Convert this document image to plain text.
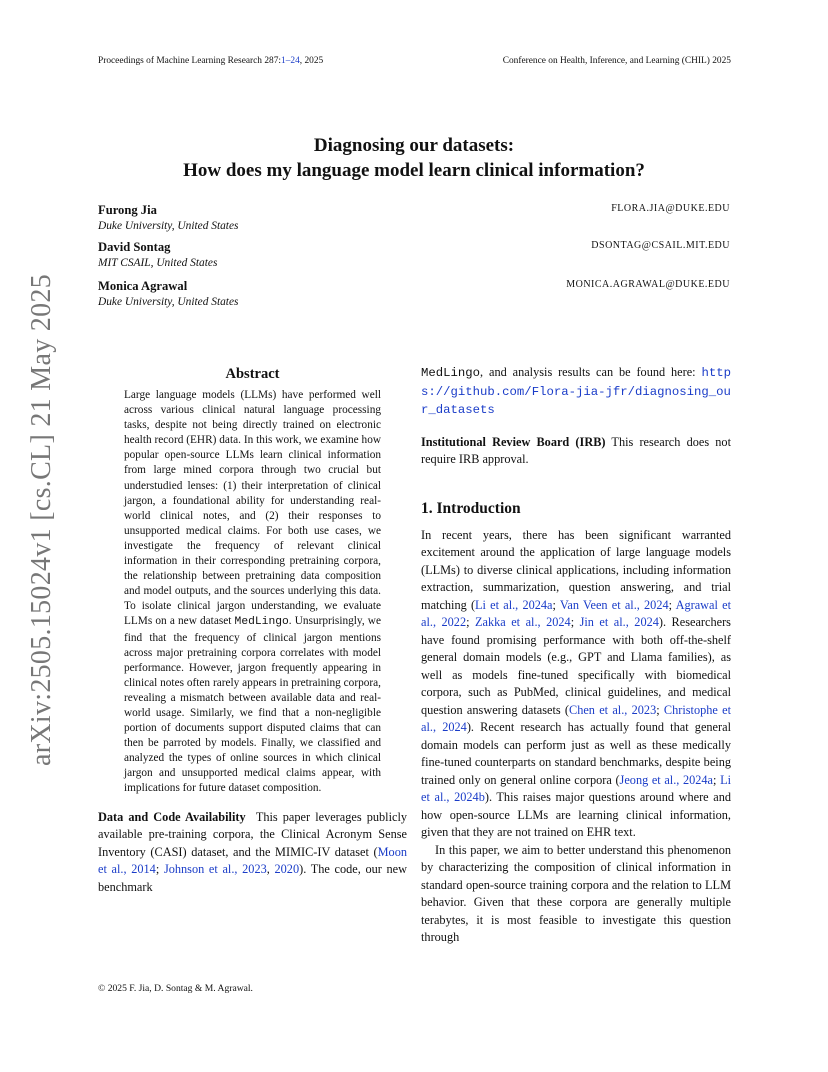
Proceedings of Machine Learning Research 287:1–24, 2025	Conference on Health, Inference, and Learning (CHIL) 2025
arXiv:2505.15024v1 [cs.CL] 21 May 2025
Diagnosing our datasets:
How does my language model learn clinical information?
Furong Jia
Duke University, United States
FLORA.JIA@DUKE.EDU
David Sontag
MIT CSAIL, United States
DSONTAG@CSAIL.MIT.EDU
Monica Agrawal
Duke University, United States
MONICA.AGRAWAL@DUKE.EDU
Abstract
Large language models (LLMs) have performed well across various clinical natural language processing tasks, despite not being directly trained on electronic health record (EHR) data. In this work, we examine how popular open-source LLMs learn clinical information from large mined corpora through two crucial but understudied lenses: (1) their interpretation of clinical jargon, a foundational ability for understanding real-world clinical notes, and (2) their responses to unsupported medical claims. For both use cases, we investigate the frequency of relevant clinical information in their corresponding pretraining corpora, the relationship between pretraining data composition and model outputs, and the sources underlying this data. To isolate clinical jargon understanding, we evaluate LLMs on a new dataset MedLingo. Unsurprisingly, we find that the frequency of clinical jargon mentions across major pretraining corpora correlates with model performance. However, jargon frequently appearing in clinical notes often rarely appears in pretraining corpora, revealing a mismatch between available data and real-world usage. Similarly, we find that a non-negligible portion of documents support disputed claims that can then be parroted by models. Finally, we classified and analyzed the types of online sources in which clinical jargon and unsupported medical claims appear, with implications for future dataset composition.
Data and Code Availability This paper leverages publicly available pre-training corpora, the Clinical Acronym Sense Inventory (CASI) dataset, and the MIMIC-IV dataset (Moon et al., 2014; Johnson et al., 2023, 2020). The code, our new benchmark
MedLingo, and analysis results can be found here: https://github.com/Flora-jia-jfr/diagnosing_our_datasets
Institutional Review Board (IRB) This research does not require IRB approval.
1. Introduction
In recent years, there has been significant warranted excitement around the application of large language models (LLMs) to diverse clinical applications, including information extraction, summarization, question answering, and trial matching (Li et al., 2024a; Van Veen et al., 2024; Agrawal et al., 2022; Zakka et al., 2024; Jin et al., 2024). Researchers have found promising performance with both off-the-shelf general domain models (e.g., GPT and Llama families), as well as models fine-tuned specifically with biomedical corpora, such as PubMed, clinical guidelines, and medical question answering datasets (Chen et al., 2023; Christophe et al., 2024). Recent research has actually found that general domain models can perform just as well as these medically fine-tuned counterparts on standard benchmarks, despite being trained only on general online corpora (Jeong et al., 2024a; Li et al., 2024b). This raises major questions around where and how open-source LLMs are learning clinical information, given that they are not trained on EHR text.
In this paper, we aim to better understand this phenomenon by characterizing the composition of clinical information in standard open-source training corpora and the relation to LLM behavior. Given that these corpora are generally multiple terabytes, it is most feasible to investigate this question through
© 2025 F. Jia, D. Sontag & M. Agrawal.
